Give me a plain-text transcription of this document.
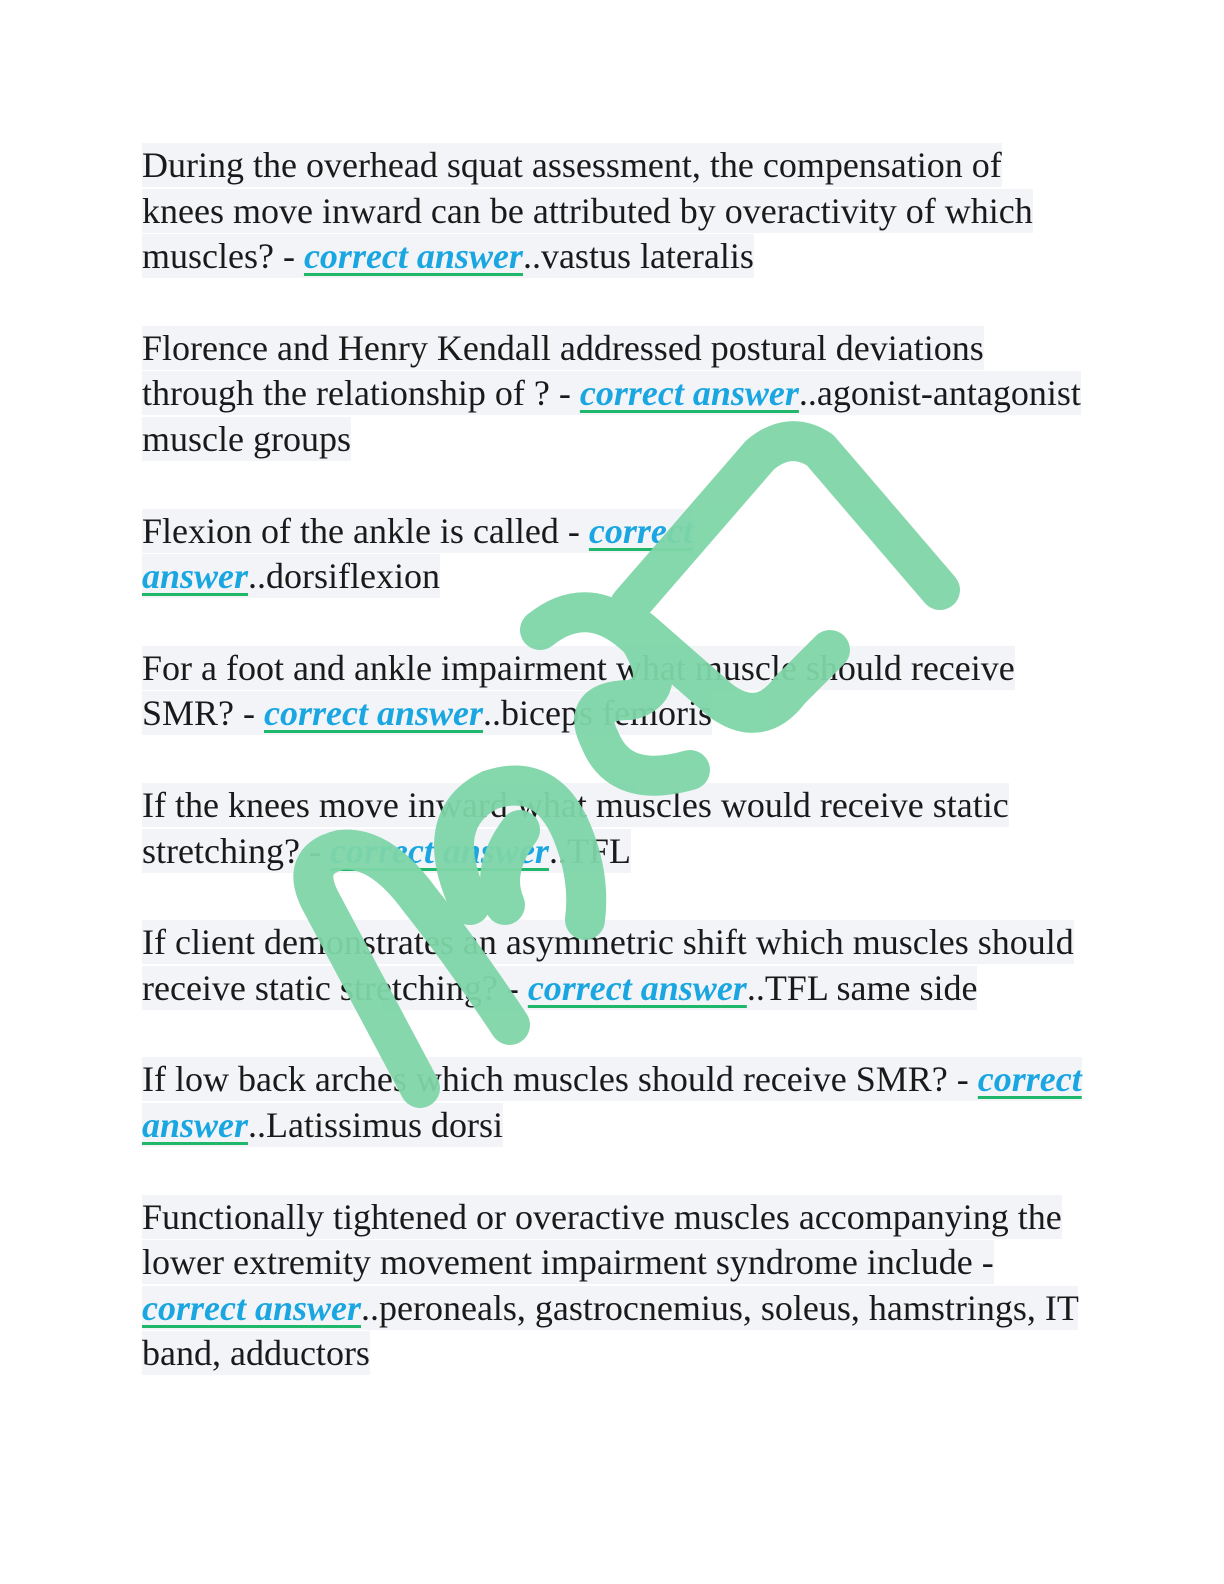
During the overhead squat assessment, the compensation of knees move inward can be attributed by overactivity of which muscles? - correct answer..vastus lateralis

Florence and Henry Kendall addressed postural deviations through the relationship of ? - correct answer..agonist-antagonist muscle groups

Flexion of the ankle is called - correct answer..dorsiflexion

For a foot and ankle impairment what muscle should receive SMR? - correct answer..biceps femoris

If the knees move inward what muscles would receive static stretching? - correct answer..TFL

If client demonstrates an asymmetric shift which muscles should receive static stretching? - correct answer..TFL same side

If low back arches which muscles should receive SMR? - correct answer..Latissimus dorsi

Functionally tightened or overactive muscles accompanying the lower extremity movement impairment syndrome include - correct answer..peroneals, gastrocnemius, soleus, hamstrings, IT band, adductors
